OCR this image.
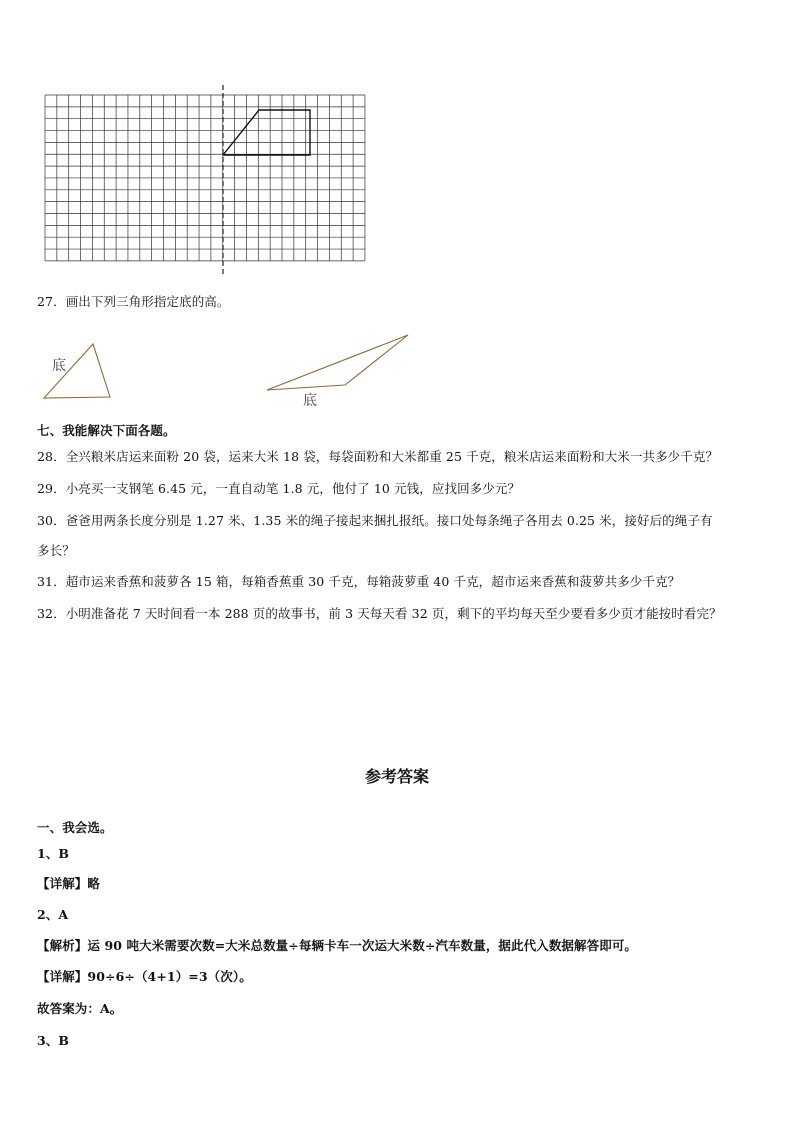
27．画出下列三角形指定底的高。
底
底
七、我能解决下面各题。
28．全兴粮米店运来面粉 20 袋，运来大米 18 袋，每袋面粉和大米都重 25 千克，粮米店运来面粉和大米一共多少千克？
29．小亮买一支钢笔 6.45 元，一直自动笔 1.8 元，他付了 10 元钱，应找回多少元？
30．爸爸用两条长度分别是 1.27 米、1.35 米的绳子接起来捆扎报纸。接口处每条绳子各用去 0.25 米，接好后的绳子有
多长？
31．超市运来香蕉和菠萝各 15 箱，每箱香蕉重 30 千克，每箱菠萝重 40 千克，超市运来香蕉和菠萝共多少千克？
32．小明准备花 7 天时间看一本 288 页的故事书，前 3 天每天看 32 页，剩下的平均每天至少要看多少页才能按时看完？
参考答案
一、我会选。
1、B
【详解】略
2、A
【解析】运 90 吨大米需要次数=大米总数量÷每辆卡车一次运大米数÷汽车数量，据此代入数据解答即可。
【详解】90÷6÷（4+1）=3（次）。
故答案为：A。
3、B
